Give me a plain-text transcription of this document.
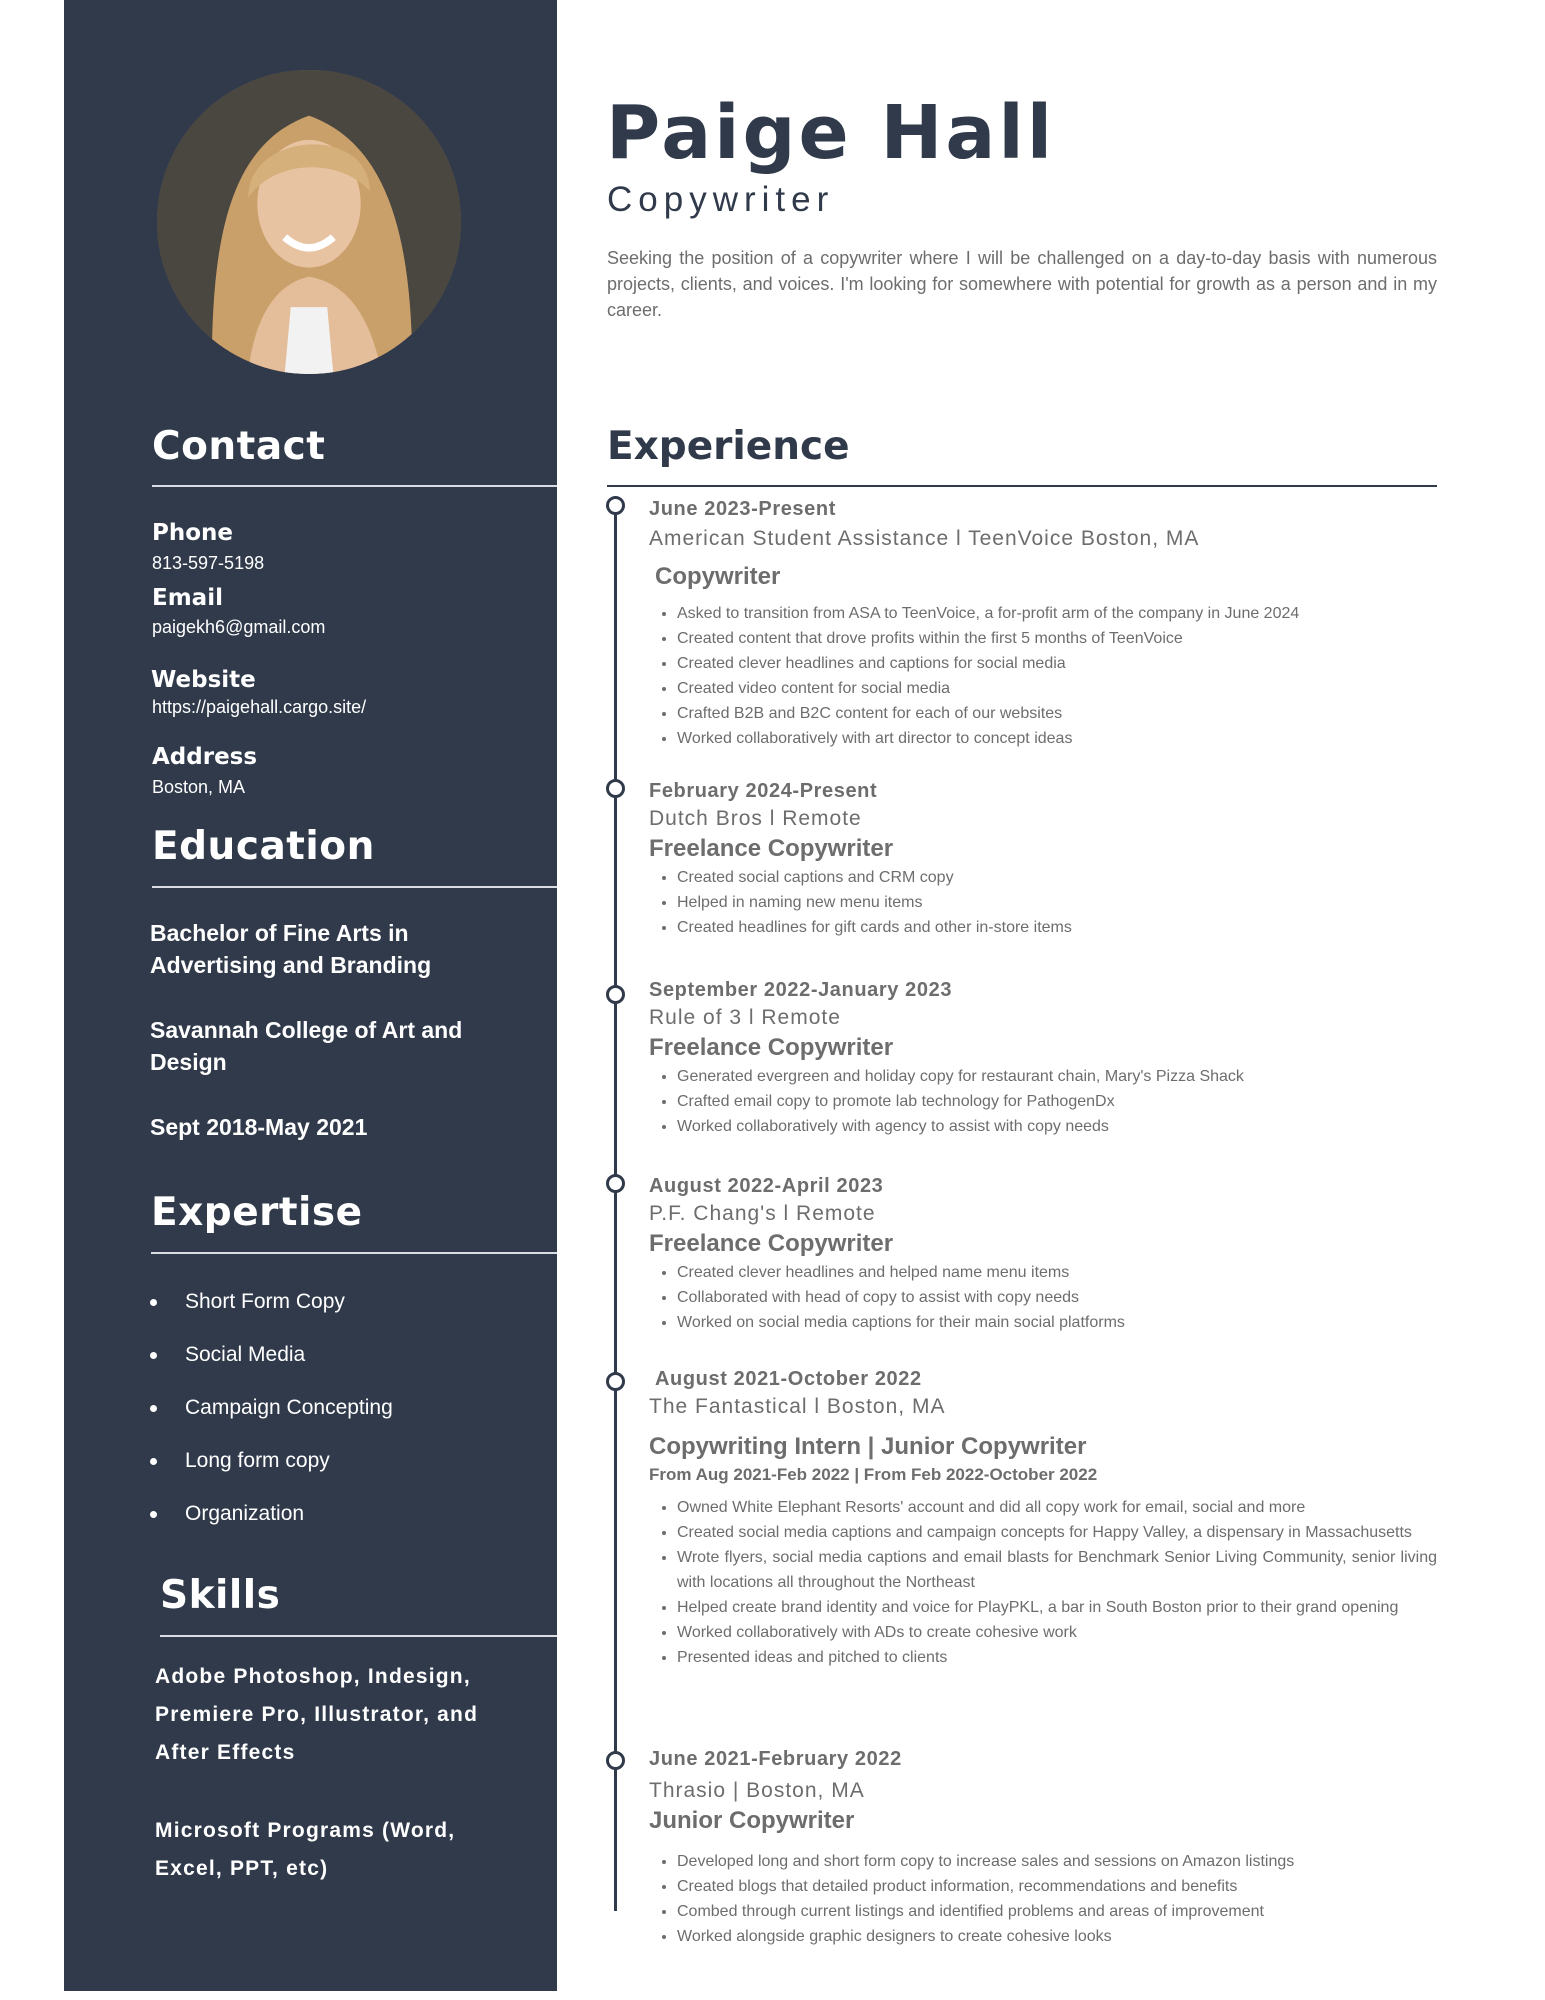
Contact
Phone
813-597-5198
Email
paigekh6@gmail.com
Website
https://paigehall.cargo.site/
Address
Boston, MA
Education
Bachelor of Fine Arts in Advertising and Branding
Savannah College of Art and Design
Sept 2018-May 2021
Expertise
Short Form Copy
Social Media
Campaign Concepting
Long form copy
Organization
Skills
Adobe Photoshop, Indesign, Premiere Pro, Illustrator, and After Effects
Microsoft Programs (Word, Excel, PPT, etc)
Paige Hall
Copywriter

Seeking the position of a copywriter where I will be challenged on a day-to-day basis with numerous projects, clients, and voices. I'm looking for somewhere with potential for growth as a person and in my career.

Experience
June 2023-Present
American Student Assistance l TeenVoice Boston, MA
Copywriter
• Asked to transition from ASA to TeenVoice, a for-profit arm of the company in June 2024
• Created content that drove profits within the first 5 months of TeenVoice
• Created clever headlines and captions for social media
• Created video content for social media
• Crafted B2B and B2C content for each of our websites
• Worked collaboratively with art director to concept ideas
February 2024-Present
Dutch Bros l Remote
Freelance Copywriter
• Created social captions and CRM copy
• Helped in naming new menu items
• Created headlines for gift cards and other in-store items
September 2022-January 2023
Rule of 3 l Remote
Freelance Copywriter
• Generated evergreen and holiday copy for restaurant chain, Mary's Pizza Shack
• Crafted email copy to promote lab technology for PathogenDx
• Worked collaboratively with agency to assist with copy needs
August 2022-April 2023
P.F. Chang's l Remote
Freelance Copywriter
• Created clever headlines and helped name menu items
• Collaborated with head of copy to assist with copy needs
• Worked on social media captions for their main social platforms
August 2021-October 2022
The Fantastical l Boston, MA
Copywriting Intern | Junior Copywriter
From Aug 2021-Feb 2022 | From Feb 2022-October 2022
• Owned White Elephant Resorts' account and did all copy work for email, social and more
• Created social media captions and campaign concepts for Happy Valley, a dispensary in Massachusetts
• Wrote flyers, social media captions and email blasts for Benchmark Senior Living Community, senior living with locations all throughout the Northeast
• Helped create brand identity and voice for PlayPKL, a bar in South Boston prior to their grand opening
• Worked collaboratively with ADs to create cohesive work
• Presented ideas and pitched to clients
June 2021-February 2022
Thrasio | Boston, MA
Junior Copywriter
• Developed long and short form copy to increase sales and sessions on Amazon listings
• Created blogs that detailed product information, recommendations and benefits
• Combed through current listings and identified problems and areas of improvement
• Worked alongside graphic designers to create cohesive looks
